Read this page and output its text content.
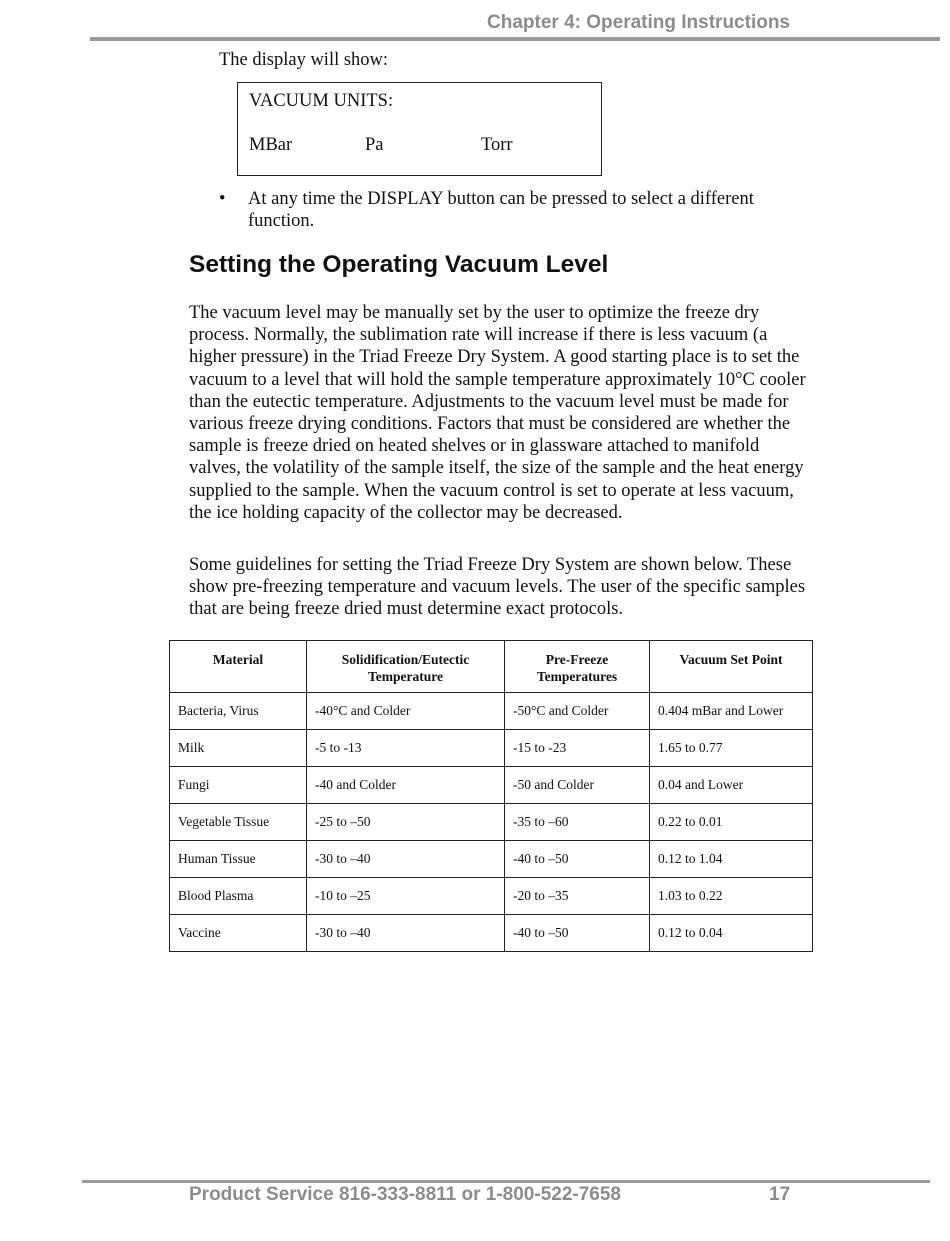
Chapter 4: Operating Instructions

The display will show:

VACUUM UNITS:
MBar	Pa	Torr
• At any time the DISPLAY button can be pressed to select a different function.
Setting the Operating Vacuum Level

The vacuum level may be manually set by the user to optimize the freeze dry process. Normally, the sublimation rate will increase if there is less vacuum (a higher pressure) in the Triad Freeze Dry System. A good starting place is to set the vacuum to a level that will hold the sample temperature approximately 10°C cooler than the eutectic temperature. Adjustments to the vacuum level must be made for various freeze drying conditions. Factors that must be considered are whether the sample is freeze dried on heated shelves or in glassware attached to manifold valves, the volatility of the sample itself, the size of the sample and the heat energy supplied to the sample. When the vacuum control is set to operate at less vacuum, the ice holding capacity of the collector may be decreased.

Some guidelines for setting the Triad Freeze Dry System are shown below. These show pre-freezing temperature and vacuum levels. The user of the specific samples that are being freeze dried must determine exact protocols.

Material	Solidification/Eutectic Temperature	Pre-Freeze Temperatures	Vacuum Set Point
Bacteria, Virus	-40°C and Colder	-50°C and Colder	0.404 mBar and Lower
Milk	-5 to -13	-15 to -23	1.65 to 0.77
Fungi	-40 and Colder	-50 and Colder	0.04 and Lower
Vegetable Tissue	-25 to –50	-35 to –60	0.22 to 0.01
Human Tissue	-30 to –40	-40 to –50	0.12 to 1.04
Blood Plasma	-10 to –25	-20 to –35	1.03 to 0.22
Vaccine	-30 to –40	-40 to –50	0.12 to 0.04
Product Service 816-333-8811 or 1-800-522-7658	17
